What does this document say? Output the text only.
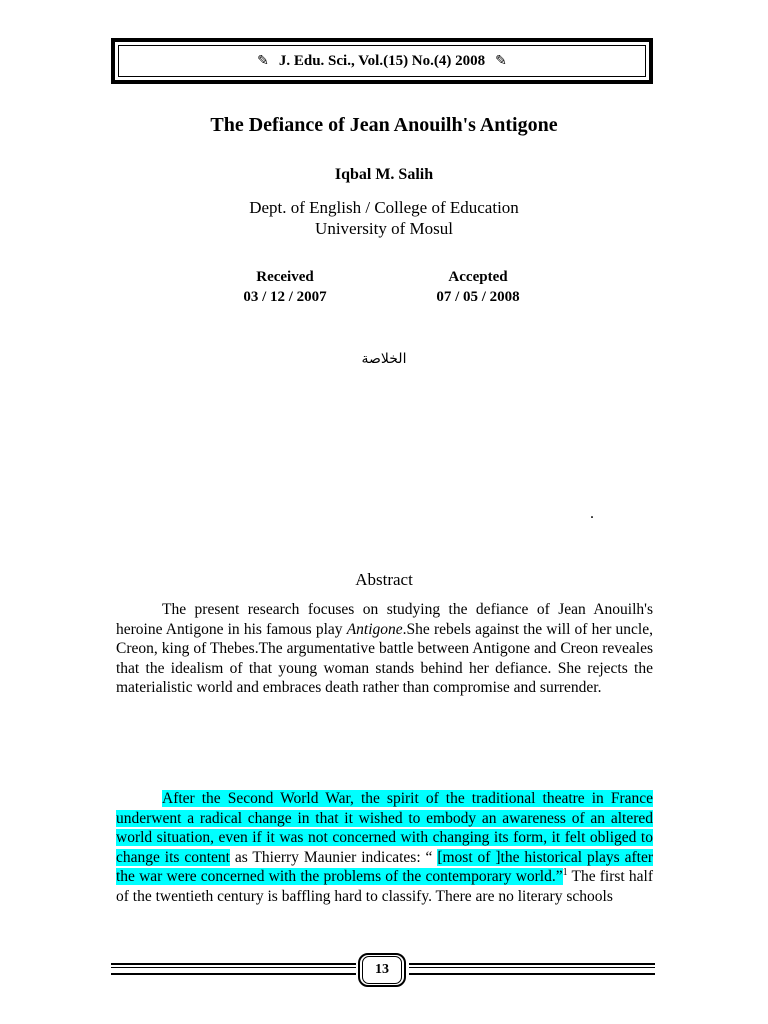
✎ J. Edu. Sci., Vol.(15) No.(4) 2008 ✎
The Defiance of Jean Anouilh's Antigone
Iqbal M. Salih
Dept. of English / College of Education
University of Mosul
Received
03 / 12 / 2007
Accepted
07 / 05 / 2008
الخلاصة
.
Abstract
The present research focuses on studying the defiance of Jean Anouilh's heroine Antigone in his famous play Antigone.She rebels against the will of her uncle, Creon, king of Thebes.The argumentative battle between Antigone and Creon reveales that the idealism of that young woman stands behind her defiance. She rejects the materialistic world and embraces death rather than compromise and surrender.
After the Second World War, the spirit of the traditional theatre in France underwent a radical change in that it wished to embody an awareness of an altered world situation, even if it was not concerned with changing its form, it felt obliged to change its content as Thierry Maunier indicates: “ [most of ]the historical plays after the war were concerned with the problems of the contemporary world.”$^1$ The first half of the twentieth century is baffling hard to classify. There are no literary schools
13
